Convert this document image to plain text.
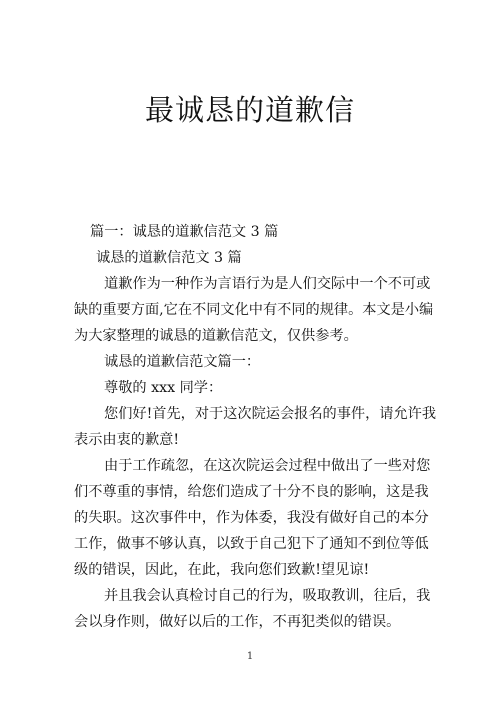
最诚恳的道歉信
篇一：诚恳的道歉信范文 3 篇
诚恳的道歉信范文 3 篇
道歉作为一种作为言语行为是人们交际中一个不可或
缺的重要方面,它在不同文化中有不同的规律。本文是小编
为大家整理的诚恳的道歉信范文，仅供参考。
诚恳的道歉信范文篇一：
尊敬的 xxx 同学：
您们好!首先，对于这次院运会报名的事件，请允许我
表示由衷的歉意!
由于工作疏忽，在这次院运会过程中做出了一些对您
们不尊重的事情，给您们造成了十分不良的影响，这是我
的失职。这次事件中，作为体委，我没有做好自己的本分
工作，做事不够认真，以致于自己犯下了通知不到位等低
级的错误，因此，在此，我向您们致歉!望见谅!
并且我会认真检讨自己的行为，吸取教训，往后，我
会以身作则，做好以后的工作，不再犯类似的错误。
1
